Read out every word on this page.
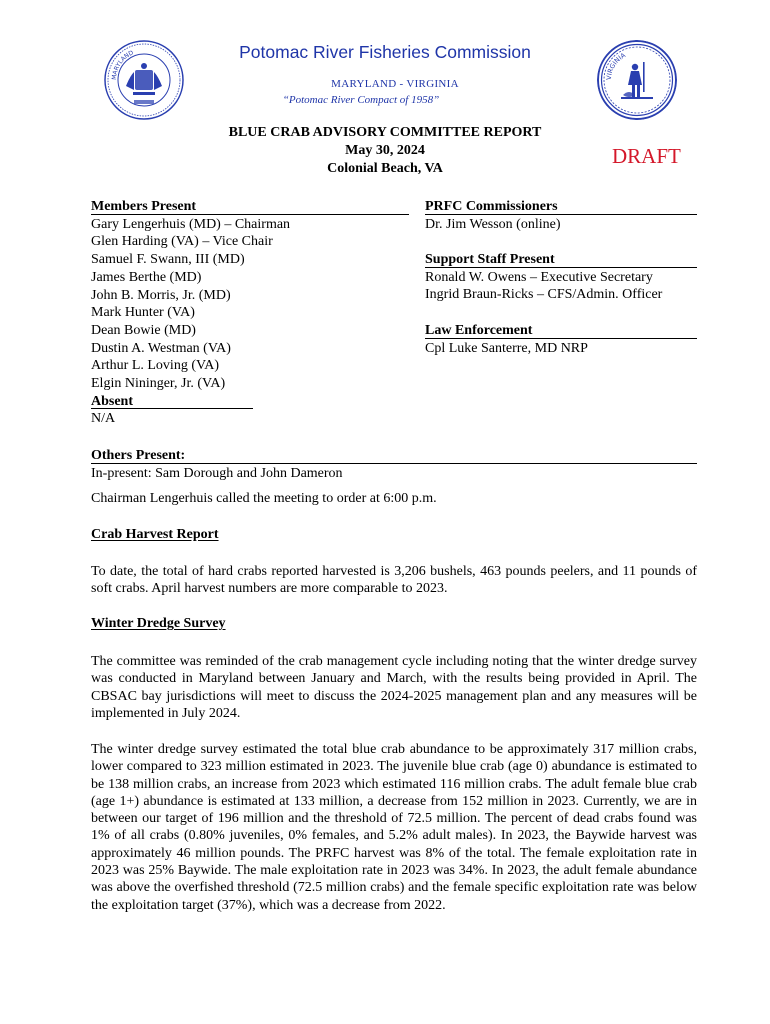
MARYLAND
VIRGINIA
Potomac River Fisheries Commission
MARYLAND - VIRGINIA
“Potomac River Compact of 1958”
BLUE CRAB ADVISORY COMMITTEE REPORT
May 30, 2024
Colonial Beach, VA
DRAFT
Members Present
Gary Lengerhuis (MD) – Chairman
Glen Harding (VA) – Vice Chair
Samuel F. Swann, III (MD)
James Berthe (MD)
John B. Morris, Jr. (MD)
Mark Hunter (VA)
Dean Bowie (MD)
Dustin A. Westman (VA)
Arthur L. Loving (VA)
Elgin Nininger, Jr. (VA)
Absent
N/A
PRFC Commissioners
Dr. Jim Wesson (online)

Support Staff Present
Ronald W. Owens – Executive Secretary
Ingrid Braun-Ricks – CFS/Admin. Officer

Law Enforcement
Cpl Luke Santerre, MD NRP
Others Present:
In-present: Sam Dorough and John Dameron
Chairman Lengerhuis called the meeting to order at 6:00 p.m.
Crab Harvest Report
To date, the total of hard crabs reported harvested is 3,206 bushels, 463 pounds peelers, and 11 pounds of soft crabs. April harvest numbers are more comparable to 2023.
Winter Dredge Survey
The committee was reminded of the crab management cycle including noting that the winter dredge survey was conducted in Maryland between January and March, with the results being provided in April. The CBSAC bay jurisdictions will meet to discuss the 2024-2025 management plan and any measures will be implemented in July 2024.
The winter dredge survey estimated the total blue crab abundance to be approximately 317 million crabs, lower compared to 323 million estimated in 2023. The juvenile blue crab (age 0) abundance is estimated to be 138 million crabs, an increase from 2023 which estimated 116 million crabs. The adult female blue crab (age 1+) abundance is estimated at 133 million, a decrease from 152 million in 2023. Currently, we are in between our target of 196 million and the threshold of 72.5 million. The percent of dead crabs found was 1% of all crabs (0.80% juveniles, 0% females, and 5.2% adult males). In 2023, the Baywide harvest was approximately 46 million pounds. The PRFC harvest was 8% of the total. The female exploitation rate in 2023 was 25% Baywide. The male exploitation rate in 2023 was 34%. In 2023, the adult female abundance was above the overfished threshold (72.5 million crabs) and the female specific exploitation rate was below the exploitation target (37%), which was a decrease from 2022.
